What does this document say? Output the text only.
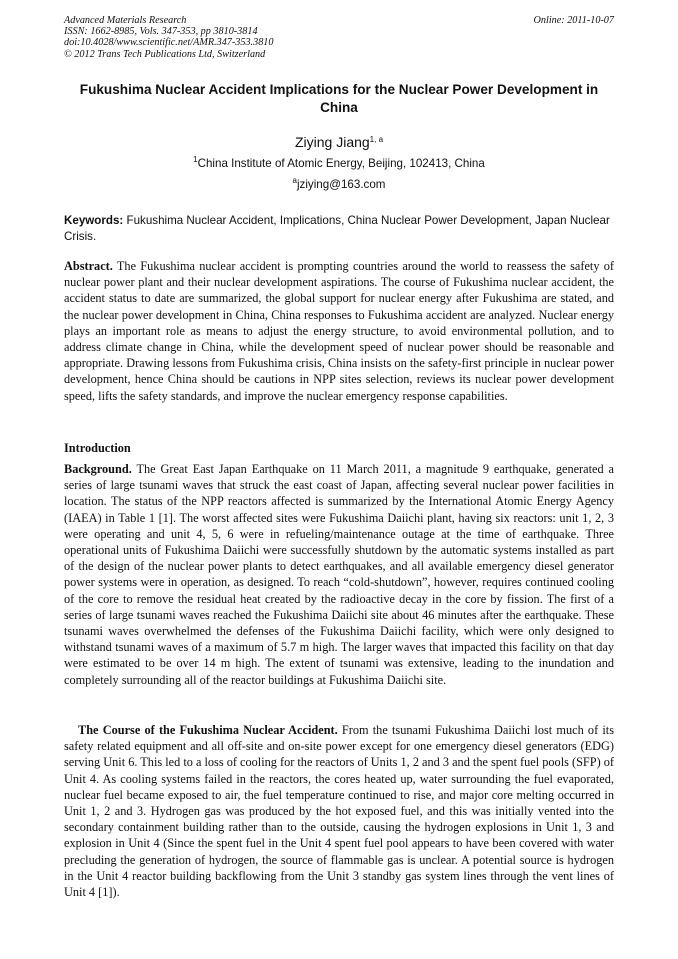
Advanced Materials Research
ISSN: 1662-8985, Vols. 347-353, pp 3810-3814
doi:10.4028/www.scientific.net/AMR.347-353.3810
© 2012 Trans Tech Publications Ltd, Switzerland
Online: 2011-10-07
Fukushima Nuclear Accident Implications for the Nuclear Power Development in China
Ziying Jiang$^{1, a}$
$^1$China Institute of Atomic Energy, Beijing, 102413, China
$^a$jziying@163.com
Keywords: Fukushima Nuclear Accident, Implications, China Nuclear Power Development, Japan Nuclear Crisis.

Abstract. The Fukushima nuclear accident is prompting countries around the world to reassess the safety of nuclear power plant and their nuclear development aspirations. The course of Fukushima nuclear accident, the accident status to date are summarized, the global support for nuclear energy after Fukushima are stated, and the nuclear power development in China, China responses to Fukushima accident are analyzed. Nuclear energy plays an important role as means to adjust the energy structure, to avoid environmental pollution, and to address climate change in China, while the development speed of nuclear power should be reasonable and appropriate. Drawing lessons from Fukushima crisis, China insists on the safety-first principle in nuclear power development, hence China should be cautions in NPP sites selection, reviews its nuclear power development speed, lifts the safety standards, and improve the nuclear emergency response capabilities.

Introduction

Background. The Great East Japan Earthquake on 11 March 2011, a magnitude 9 earthquake, generated a series of large tsunami waves that struck the east coast of Japan, affecting several nuclear power facilities in location. The status of the NPP reactors affected is summarized by the International Atomic Energy Agency (IAEA) in Table 1 [1]. The worst affected sites were Fukushima Daiichi plant, having six reactors: unit 1, 2, 3 were operating and unit 4, 5, 6 were in refueling/maintenance outage at the time of earthquake. Three operational units of Fukushima Daiichi were successfully shutdown by the automatic systems installed as part of the design of the nuclear power plants to detect earthquakes, and all available emergency diesel generator power systems were in operation, as designed. To reach “cold-shutdown”, however, requires continued cooling of the core to remove the residual heat created by the radioactive decay in the core by fission. The first of a series of large tsunami waves reached the Fukushima Daiichi site about 46 minutes after the earthquake. These tsunami waves overwhelmed the defenses of the Fukushima Daiichi facility, which were only designed to withstand tsunami waves of a maximum of 5.7 m high. The larger waves that impacted this facility on that day were estimated to be over 14 m high. The extent of tsunami was extensive, leading to the inundation and completely surrounding all of the reactor buildings at Fukushima Daiichi site.

The Course of the Fukushima Nuclear Accident. From the tsunami Fukushima Daiichi lost much of its safety related equipment and all off-site and on-site power except for one emergency diesel generators (EDG) serving Unit 6. This led to a loss of cooling for the reactors of Units 1, 2 and 3 and the spent fuel pools (SFP) of Unit 4. As cooling systems failed in the reactors, the cores heated up, water surrounding the fuel evaporated, nuclear fuel became exposed to air, the fuel temperature continued to rise, and major core melting occurred in Unit 1, 2 and 3. Hydrogen gas was produced by the hot exposed fuel, and this was initially vented into the secondary containment building rather than to the outside, causing the hydrogen explosions in Unit 1, 3 and explosion in Unit 4 (Since the spent fuel in the Unit 4 spent fuel pool appears to have been covered with water precluding the generation of hydrogen, the source of flammable gas is unclear. A potential source is hydrogen in the Unit 4 reactor building backflowing from the Unit 3 standby gas system lines through the vent lines of Unit 4 [1]).
